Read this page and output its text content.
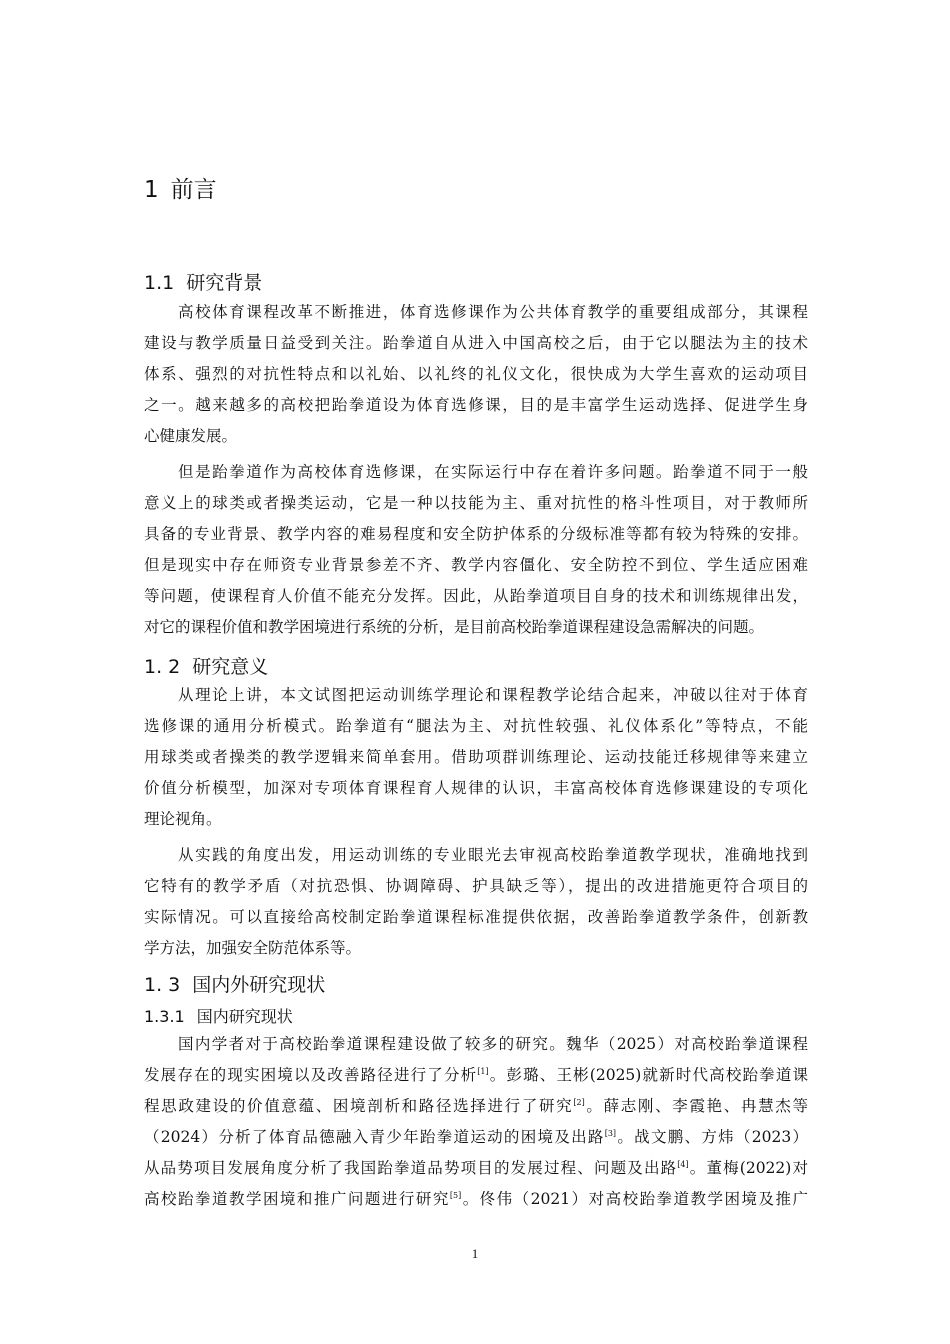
1 前言
1.1 研究背景

高校体育课程改革不断推进，体育选修课作为公共体育教学的重要组成部分，其课程
建设与教学质量日益受到关注。跆拳道自从进入中国高校之后，由于它以腿法为主的技术
体系、强烈的对抗性特点和以礼始、以礼终的礼仪文化，很快成为大学生喜欢的运动项目
之一。越来越多的高校把跆拳道设为体育选修课，目的是丰富学生运动选择、促进学生身
心健康发展。

但是跆拳道作为高校体育选修课，在实际运行中存在着许多问题。跆拳道不同于一般
意义上的球类或者操类运动，它是一种以技能为主、重对抗性的格斗性项目，对于教师所
具备的专业背景、教学内容的难易程度和安全防护体系的分级标准等都有较为特殊的安排。
但是现实中存在师资专业背景参差不齐、教学内容僵化、安全防控不到位、学生适应困难
等问题，使课程育人价值不能充分发挥。因此，从跆拳道项目自身的技术和训练规律出发，
对它的课程价值和教学困境进行系统的分析，是目前高校跆拳道课程建设急需解决的问题。

1. 2 研究意义

从理论上讲，本文试图把运动训练学理论和课程教学论结合起来，冲破以往对于体育
选修课的通用分析模式。跆拳道有“腿法为主、对抗性较强、礼仪体系化”等特点，不能
用球类或者操类的教学逻辑来简单套用。借助项群训练理论、运动技能迁移规律等来建立
价值分析模型，加深对专项体育课程育人规律的认识，丰富高校体育选修课建设的专项化
理论视角。

从实践的角度出发，用运动训练的专业眼光去审视高校跆拳道教学现状，准确地找到
它特有的教学矛盾（对抗恐惧、协调障碍、护具缺乏等），提出的改进措施更符合项目的
实际情况。可以直接给高校制定跆拳道课程标准提供依据，改善跆拳道教学条件，创新教
学方法，加强安全防范体系等。

1. 3 国内外研究现状
1.3.1 国内研究现状

国内学者对于高校跆拳道课程建设做了较多的研究。魏华（2025）对高校跆拳道课程
发展存在的现实困境以及改善路径进行了分析[1]。彭璐、王彬(2025)就新时代高校跆拳道课
程思政建设的价值意蕴、困境剖析和路径选择进行了研究[2]。薛志刚、李霞艳、冉慧杰等
（2024）分析了体育品德融入青少年跆拳道运动的困境及出路[3]。战文鹏、方炜（2023）
从品势项目发展角度分析了我国跆拳道品势项目的发展过程、问题及出路[4]。董梅(2022)对
高校跆拳道教学困境和推广问题进行研究[5]。佟伟（2021）对高校跆拳道教学困境及推广

1
